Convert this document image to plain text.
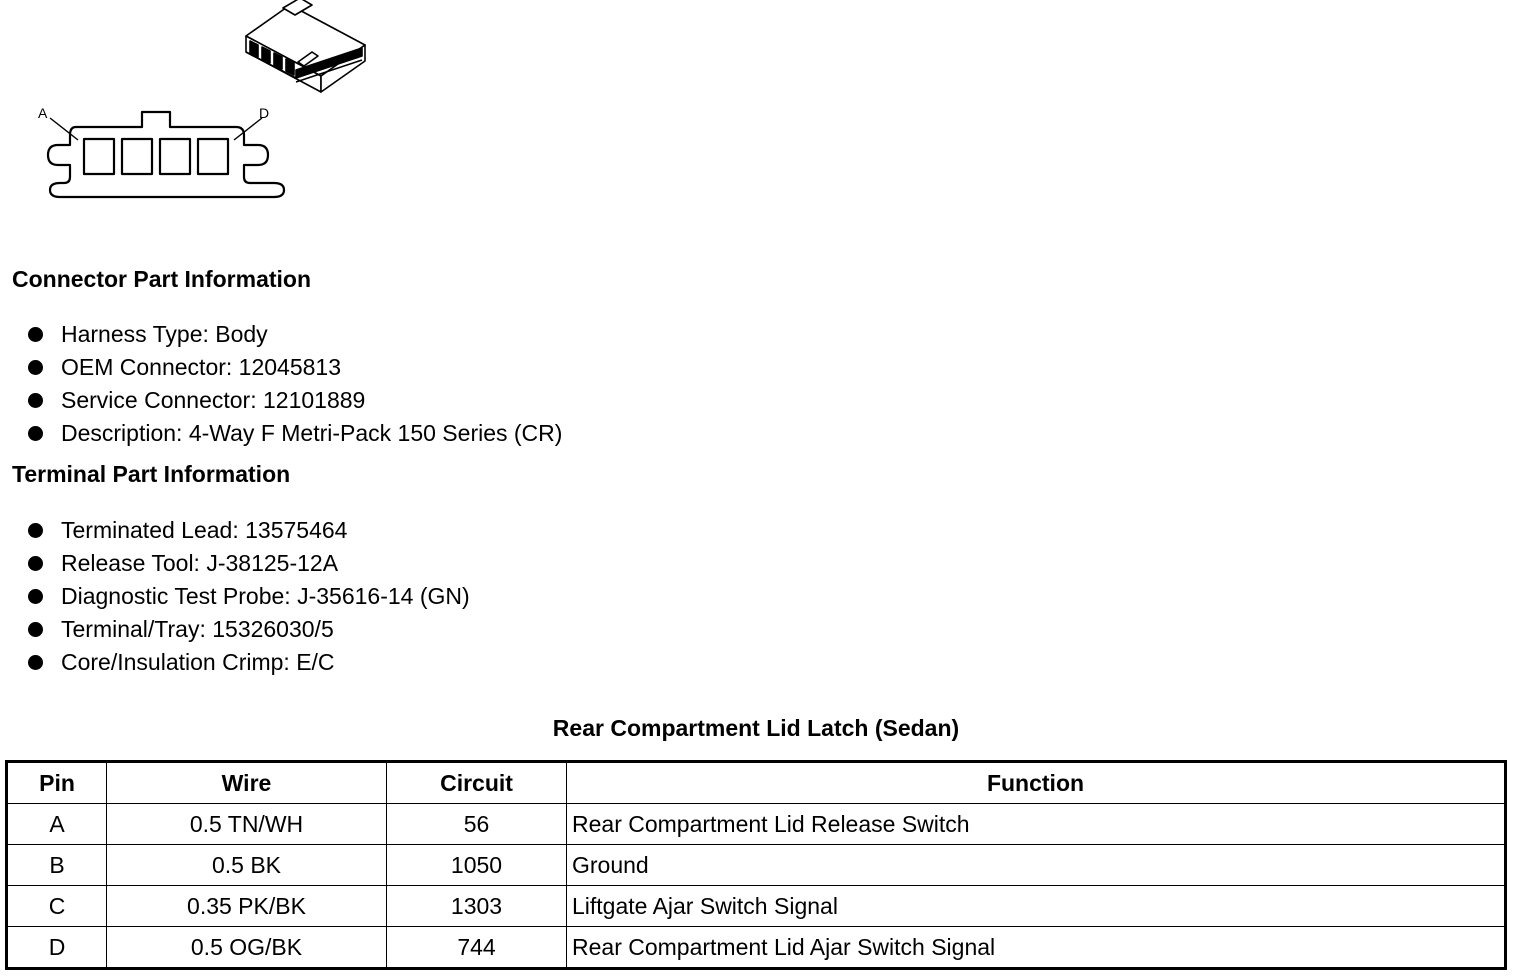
A	D
Connector Part Information
Harness Type: Body
OEM Connector: 12045813
Service Connector: 12101889
Description: 4-Way F Metri-Pack 150 Series (CR)
Terminal Part Information
Terminated Lead: 13575464
Release Tool: J-38125-12A
Diagnostic Test Probe: J-35616-14 (GN)
Terminal/Tray: 15326030/5
Core/Insulation Crimp: E/C
Rear Compartment Lid Latch (Sedan)
Pin	Wire	Circuit	Function
A	0.5 TN/WH	56	Rear Compartment Lid Release Switch
B	0.5 BK	1050	Ground
C	0.35 PK/BK	1303	Liftgate Ajar Switch Signal
D	0.5 OG/BK	744	Rear Compartment Lid Ajar Switch Signal
